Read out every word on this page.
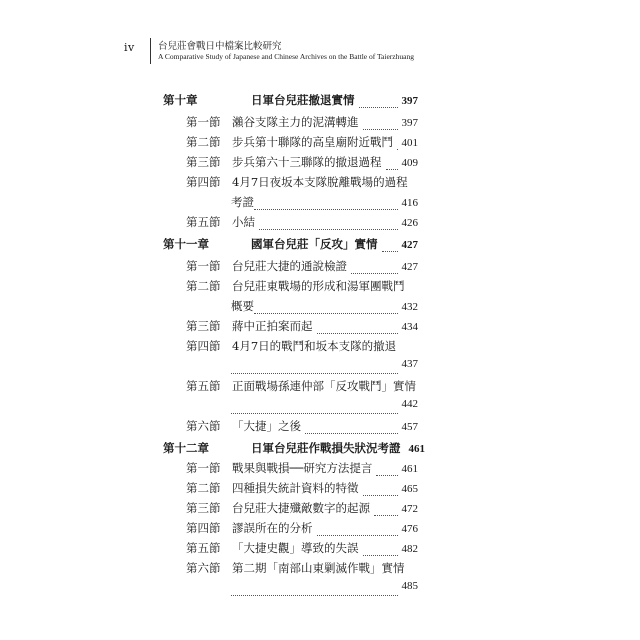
iv 台兒莊會戰日中檔案比較研究
A Comparative Study of Japanese and Chinese Archives on the Battle of Taierzhuang
第十章	日軍台兒莊撤退實情	397
第一節	瀨谷支隊主力的泥溝轉進	397
第二節	步兵第十聯隊的高皇廟附近戰鬥 401
第三節	步兵第六十三聯隊的撤退過程 409
第四節	4月7日夜坂本支隊脫離戰場的過程
考證	416
第五節	小結	426
第十一章	國軍台兒莊「反攻」實情 427
第一節	台兒莊大捷的通說檢證	427
第二節	台兒莊東戰場的形成和湯軍團戰鬥
概要	432
第三節	蔣中正拍案而起	434
第四節	4月7日的戰鬥和坂本支隊的撤退
437
第五節	正面戰場孫連仲部「反攻戰鬥」實情
442
第六節	「大捷」之後	457
第十二章	日軍台兒莊作戰損失狀況考證 461
第一節	戰果與戰損──研究方法提言	461
第二節	四種損失統計資料的特徵	465
第三節	台兒莊大捷殲敵數字的起源	472
第四節	謬誤所在的分析	476
第五節	「大捷史觀」導致的失誤	482
第六節	第二期「南部山東剿滅作戰」實情
485
